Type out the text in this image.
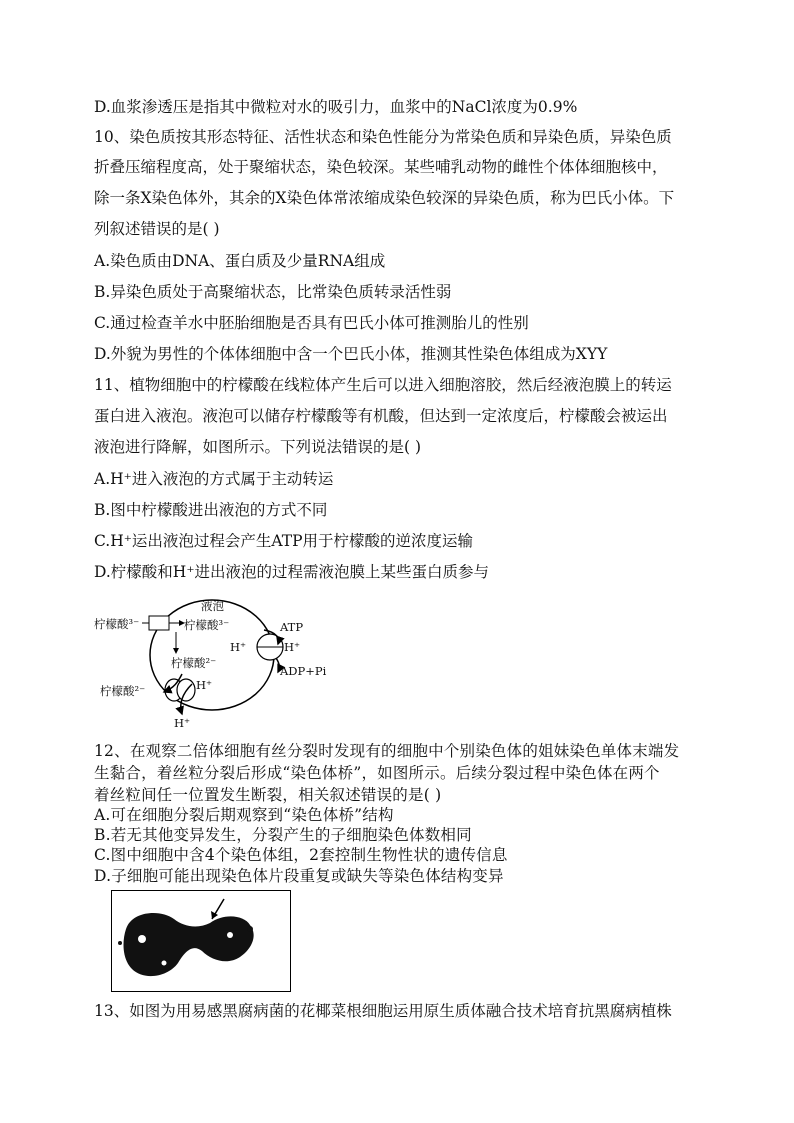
D.血浆渗透压是指其中微粒对水的吸引力，血浆中的NaCl浓度为0.9%
10、染色质按其形态特征、活性状态和染色性能分为常染色质和异染色质，异染色质
折叠压缩程度高，处于聚缩状态，染色较深。某些哺乳动物的雌性个体体细胞核中，
除一条X染色体外，其余的X染色体常浓缩成染色较深的异染色质，称为巴氏小体。下
列叙述错误的是( )
A.染色质由DNA、蛋白质及少量RNA组成
B.异染色质处于高聚缩状态，比常染色质转录活性弱
C.通过检查羊水中胚胎细胞是否具有巴氏小体可推测胎儿的性别
D.外貌为男性的个体体细胞中含一个巴氏小体，推测其性染色体组成为XYY
11、植物细胞中的柠檬酸在线粒体产生后可以进入细胞溶胶，然后经液泡膜上的转运
蛋白进入液泡。液泡可以储存柠檬酸等有机酸，但达到一定浓度后，柠檬酸会被运出
液泡进行降解，如图所示。下列说法错误的是( )
A.H⁺进入液泡的方式属于主动转运
B.图中柠檬酸进出液泡的方式不同
C.H⁺运出液泡过程会产生ATP用于柠檬酸的逆浓度运输
D.柠檬酸和H⁺进出液泡的过程需液泡膜上某些蛋白质参与
液泡
柠檬酸³⁻	柠檬酸³⁻
柠檬酸²⁻
柠檬酸²⁻
H⁺	H⁺
H⁺
H⁺
ATP
ADP+Pi
12、在观察二倍体细胞有丝分裂时发现有的细胞中个别染色体的姐妹染色单体末端发
生黏合，着丝粒分裂后形成“染色体桥”，如图所示。后续分裂过程中染色体在两个
着丝粒间任一位置发生断裂，相关叙述错误的是( )
A.可在细胞分裂后期观察到“染色体桥”结构
B.若无其他变异发生，分裂产生的子细胞染色体数相同
C.图中细胞中含4个染色体组，2套控制生物性状的遗传信息
D.子细胞可能出现染色体片段重复或缺失等染色体结构变异
13、如图为用易感黑腐病菌的花椰菜根细胞运用原生质体融合技术培育抗黑腐病植株
